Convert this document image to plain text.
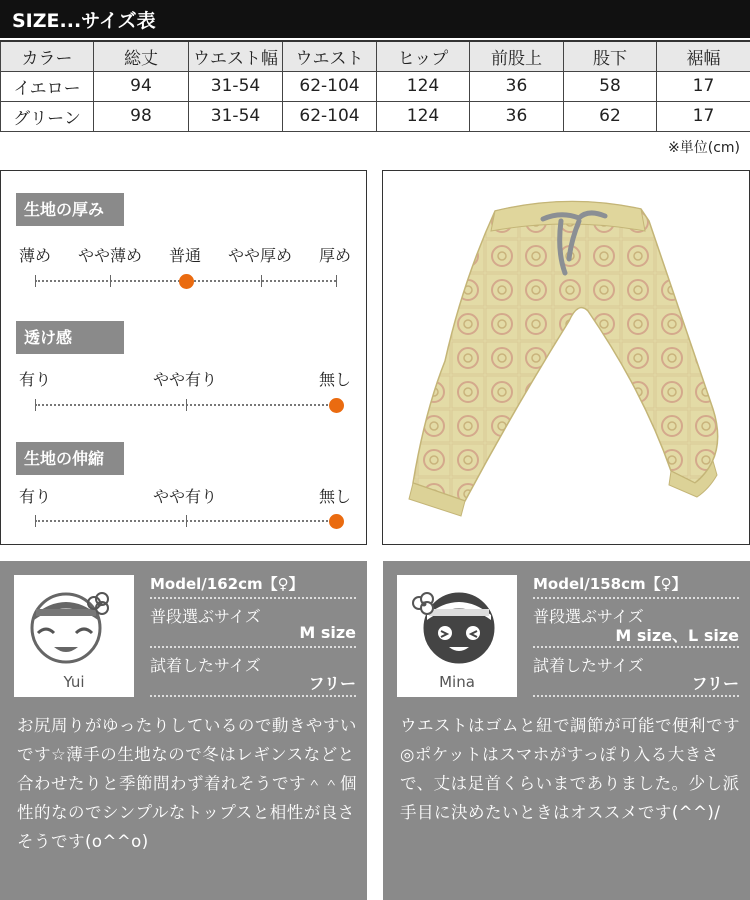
SIZE...サイズ表
カラー	総丈	ウエスト幅	ウエスト	ヒップ	前股上	股下	裾幅
イエロー	94	31-54	62-104	124	36	58	17
グリーン	98	31-54	62-104	124	36	62	17
※単位(cm)
生地の厚み
薄め やや薄め 普通 やや厚め 厚め
透け感
有り	やや有り	無し
生地の伸縮
有り	やや有り	無し
Yui
Model/162cm【♀】
普段選ぶサイズ
M size
試着したサイズ
フリー
お尻周りがゆったりしているので動きやすいです☆薄手の生地なので冬はレギンスなどと合わせたりと季節問わず着れそうです＾＾個性的なのでシンプルなトップスと相性が良さそうです(o^^o)
Mina
Model/158cm【♀】
普段選ぶサイズ
M size、L size
試着したサイズ
フリー
ウエストはゴムと紐で調節が可能で便利です◎ポケットはスマホがすっぽり入る大きさで、丈は足首くらいまでありました。少し派手目に決めたいときはオススメです(^^)/
